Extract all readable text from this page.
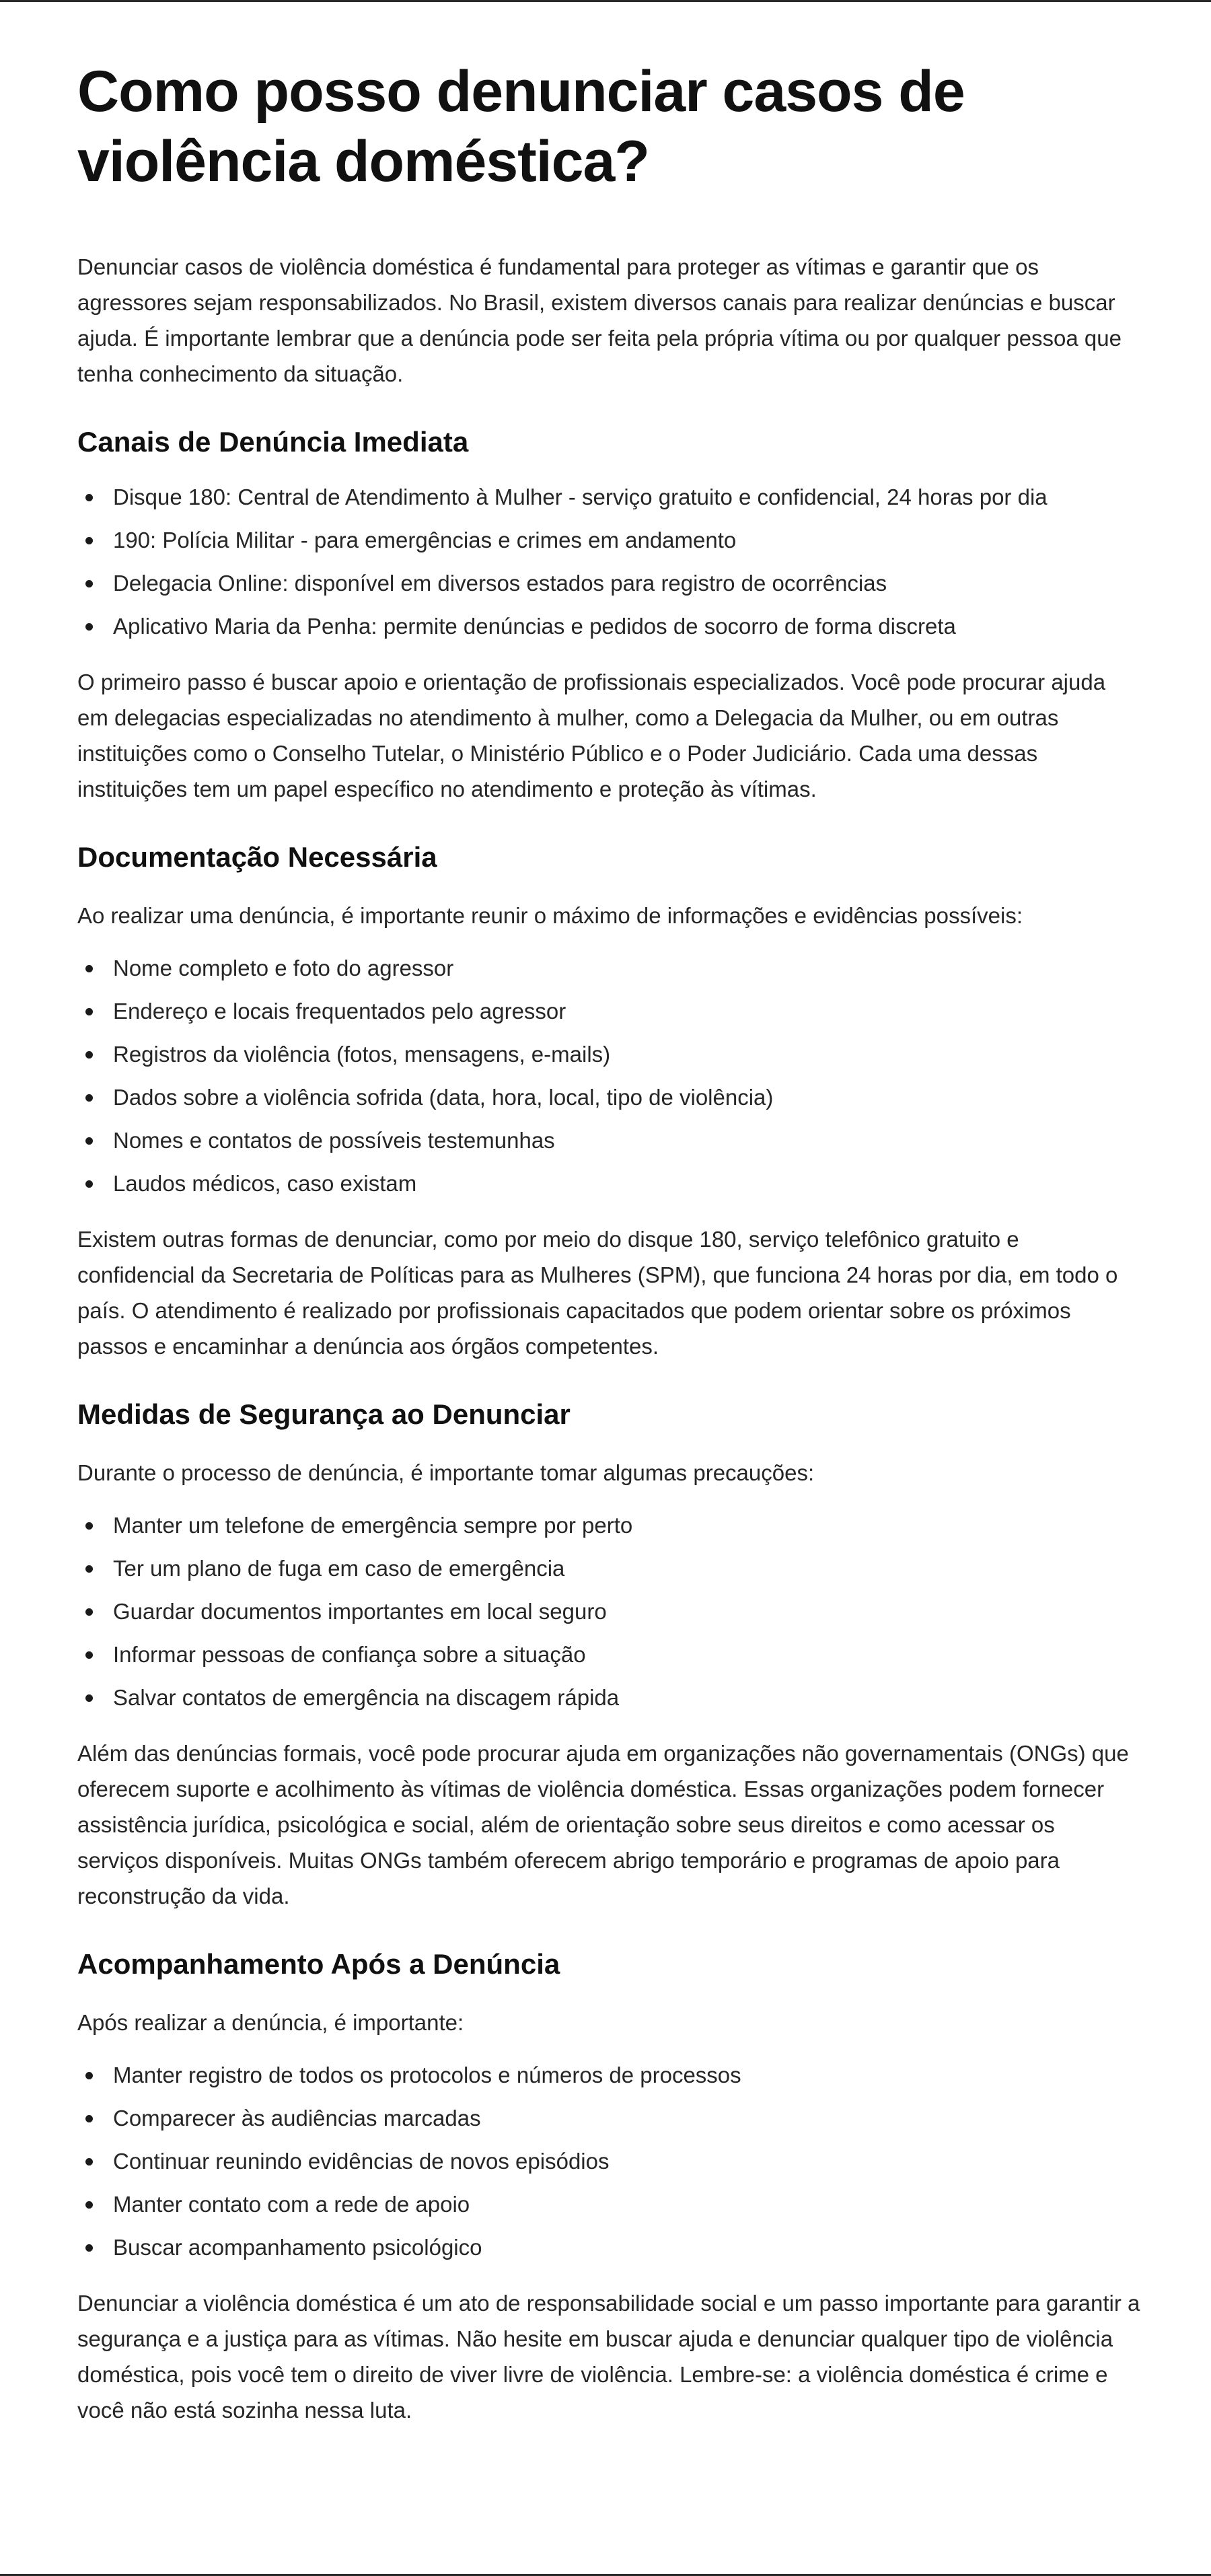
Como posso denunciar casos de violência doméstica?

Denunciar casos de violência doméstica é fundamental para proteger as vítimas e garantir que os agressores sejam responsabilizados. No Brasil, existem diversos canais para realizar denúncias e buscar ajuda. É importante lembrar que a denúncia pode ser feita pela própria vítima ou por qualquer pessoa que tenha conhecimento da situação.

Canais de Denúncia Imediata
Disque 180: Central de Atendimento à Mulher - serviço gratuito e confidencial, 24 horas por dia
190: Polícia Militar - para emergências e crimes em andamento
Delegacia Online: disponível em diversos estados para registro de ocorrências
Aplicativo Maria da Penha: permite denúncias e pedidos de socorro de forma discreta

O primeiro passo é buscar apoio e orientação de profissionais especializados. Você pode procurar ajuda em delegacias especializadas no atendimento à mulher, como a Delegacia da Mulher, ou em outras instituições como o Conselho Tutelar, o Ministério Público e o Poder Judiciário. Cada uma dessas instituições tem um papel específico no atendimento e proteção às vítimas.

Documentação Necessária

Ao realizar uma denúncia, é importante reunir o máximo de informações e evidências possíveis:

Nome completo e foto do agressor
Endereço e locais frequentados pelo agressor
Registros da violência (fotos, mensagens, e-mails)
Dados sobre a violência sofrida (data, hora, local, tipo de violência)
Nomes e contatos de possíveis testemunhas
Laudos médicos, caso existam

Existem outras formas de denunciar, como por meio do disque 180, serviço telefônico gratuito e confidencial da Secretaria de Políticas para as Mulheres (SPM), que funciona 24 horas por dia, em todo o país. O atendimento é realizado por profissionais capacitados que podem orientar sobre os próximos passos e encaminhar a denúncia aos órgãos competentes.

Medidas de Segurança ao Denunciar

Durante o processo de denúncia, é importante tomar algumas precauções:

Manter um telefone de emergência sempre por perto
Ter um plano de fuga em caso de emergência
Guardar documentos importantes em local seguro
Informar pessoas de confiança sobre a situação
Salvar contatos de emergência na discagem rápida

Além das denúncias formais, você pode procurar ajuda em organizações não governamentais (ONGs) que oferecem suporte e acolhimento às vítimas de violência doméstica. Essas organizações podem fornecer assistência jurídica, psicológica e social, além de orientação sobre seus direitos e como acessar os serviços disponíveis. Muitas ONGs também oferecem abrigo temporário e programas de apoio para reconstrução da vida.

Acompanhamento Após a Denúncia

Após realizar a denúncia, é importante:

Manter registro de todos os protocolos e números de processos
Comparecer às audiências marcadas
Continuar reunindo evidências de novos episódios
Manter contato com a rede de apoio
Buscar acompanhamento psicológico

Denunciar a violência doméstica é um ato de responsabilidade social e um passo importante para garantir a segurança e a justiça para as vítimas. Não hesite em buscar ajuda e denunciar qualquer tipo de violência doméstica, pois você tem o direito de viver livre de violência. Lembre-se: a violência doméstica é crime e você não está sozinha nessa luta.
